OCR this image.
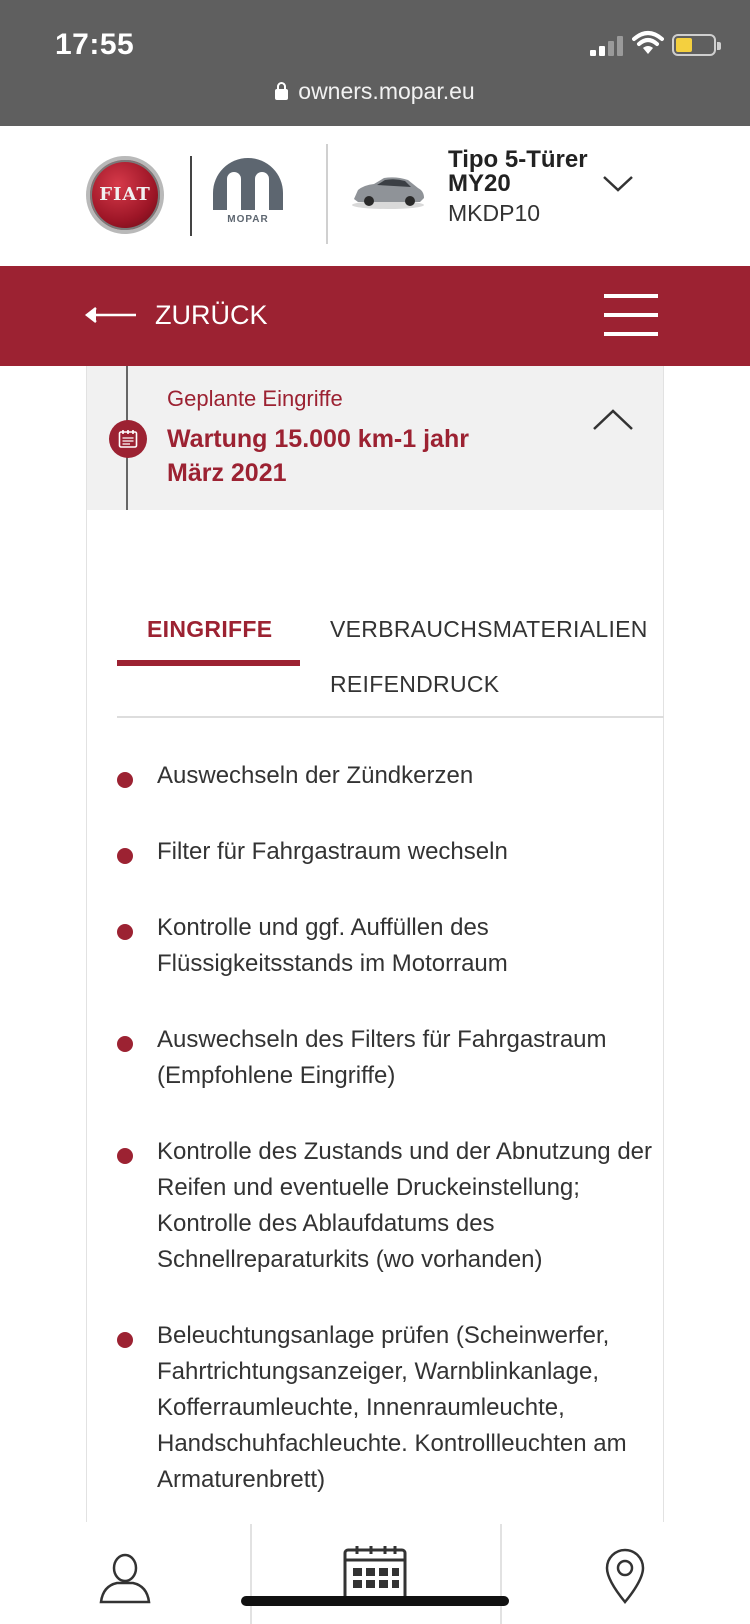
17:55
owners.mopar.eu
FIAT
MOPAR
Tipo 5-Türer
MY20
MKDP10
ZURÜCK
Geplante Eingriffe
Wartung 15.000 km-1 jahr
März 2021
EINGRIFFE	VERBRAUCHSMATERIALIEN
REIFENDRUCK
Auswechseln der Zündkerzen
Filter für Fahrgastraum wechseln
Kontrolle und ggf. Auffüllen des Flüssigkeitsstands im Motorraum
Auswechseln des Filters für Fahrgastraum (Empfohlene Eingriffe)
Kontrolle des Zustands und der Abnutzung der Reifen und eventuelle Druckeinstellung; Kontrolle des Ablaufdatums des Schnellreparaturkits (wo vorhanden)
Beleuchtungsanlage prüfen (Scheinwerfer, Fahrtrichtungsanzeiger, Warnblinkanlage, Kofferraumleuchte, Innenraumleuchte, Handschuhfachleuchte. Kontrollleuchten am Armaturenbrett)
